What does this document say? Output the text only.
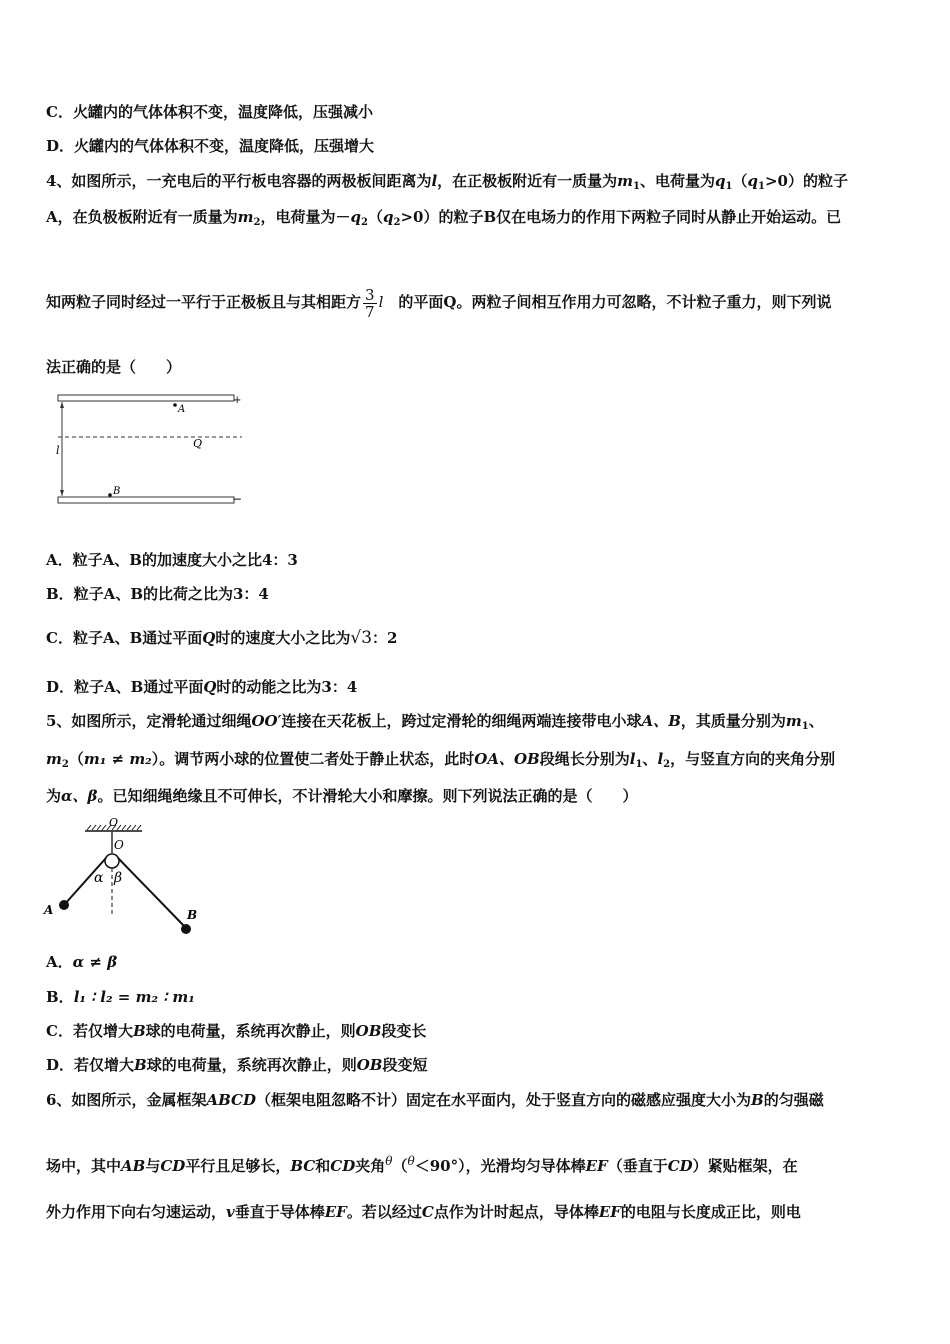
C．火罐内的气体体积不变，温度降低，压强减小
D．火罐内的气体体积不变，温度降低，压强增大
4、如图所示，一充电后的平行板电容器的两极板间距离为l，在正极板附近有一质量为$m_1$、电荷量为$q_1(q_1>0)$的粒子
A，在负极板附近有一质量为$m_2$，电荷量为$-q_2(q_2>0)$的粒子B仅在电场力的作用下两粒子同时从静止开始运动。已
知两粒子同时经过一平行于正极板且与其相距方 $\frac{3}{7}$ l　 的平面Q。两粒子间相互作用力可忽略，不计粒子重力，则下列说
法正确的是（　　）
l
A
Q
B
+
−
A．粒子A、B的加速度大小之比4：3
B．粒子A、B的比荷之比为3：4
C．粒子A、B通过平面Q时的速度大小之比为√3：2
D．粒子A、B通过平面Q时的动能之比为3：4
5、如图所示，定滑轮通过细绳OO′连接在天花板上，跨过定滑轮的细绳两端连接带电小球A、B，其质量分别为$m_1$、
$m_2(m_1 \ne m_2)$。调节两小球的位置使二者处于静止状态，此时OA、OB段绳长分别为$l_1$、$l_2$，与竖直方向的夹角分别
为α、β。已知细绳绝缘且不可伸长，不计滑轮大小和摩擦。则下列说法正确的是（　　）
O
O
α β
A	B
A．α ≠ β
B．l₁ ∶ l₂ = m₂ ∶ m₁
C．若仅增大B球的电荷量，系统再次静止，则OB段变长
D．若仅增大B球的电荷量，系统再次静止，则OB段变短
6、如图所示，金属框架ABCD（框架电阻忽略不计）固定在水平面内，处于竖直方向的磁感应强度大小为B的匀强磁
场中，其中AB与CD平行且足够长，BC和CD夹角$^\theta$（$^\theta$＜90°），光滑均匀导体棒EF（垂直于CD）紧贴框架，在
外力作用下向右匀速运动，v垂直于导体棒EF。若以经过C点作为计时起点，导体棒EF的电阻与长度成正比，则电
